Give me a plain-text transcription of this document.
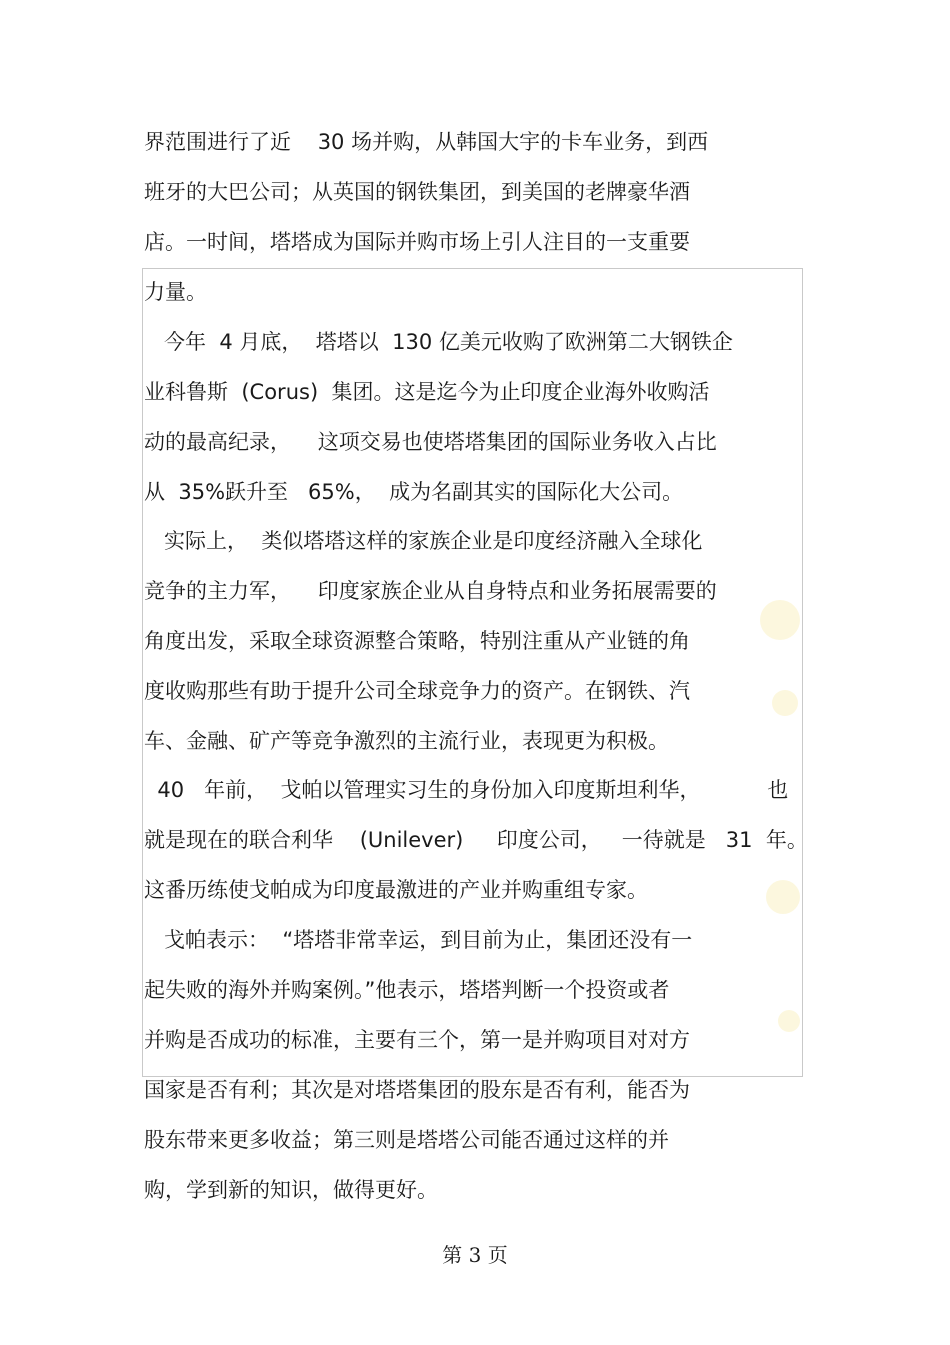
界范围进行了近    30 场并购，从韩国大宇的卡车业务，到西
班牙的大巴公司；从英国的钢铁集团，到美国的老牌豪华酒
店。一时间，塔塔成为国际并购市场上引人注目的一支重要
力量。
今年  4 月底，  塔塔以  130 亿美元收购了欧洲第二大钢铁企
业科鲁斯  (Corus)  集团。这是迄今为止印度企业海外收购活
动的最高纪录，    这项交易也使塔塔集团的国际业务收入占比
从  35%跃升至   65%，  成为名副其实的国际化大公司。
实际上，  类似塔塔这样的家族企业是印度经济融入全球化
竞争的主力军，    印度家族企业从自身特点和业务拓展需要的
角度出发，采取全球资源整合策略，特别注重从产业链的角
度收购那些有助于提升公司全球竞争力的资产。在钢铁、汽
车、金融、矿产等竞争激烈的主流行业，表现更为积极。
40   年前，  戈帕以管理实习生的身份加入印度斯坦利华，          也
就是现在的联合利华    (Unilever)     印度公司，   一待就是   31  年。
这番历练使戈帕成为印度最激进的产业并购重组专家。
戈帕表示：  “塔塔非常幸运，到目前为止，集团还没有一
起失败的海外并购案例。”他表示，塔塔判断一个投资或者
并购是否成功的标准，主要有三个，第一是并购项目对对方
国家是否有利；其次是对塔塔集团的股东是否有利，能否为
股东带来更多收益；第三则是塔塔公司能否通过这样的并
购，学到新的知识，做得更好。
第 3 页
